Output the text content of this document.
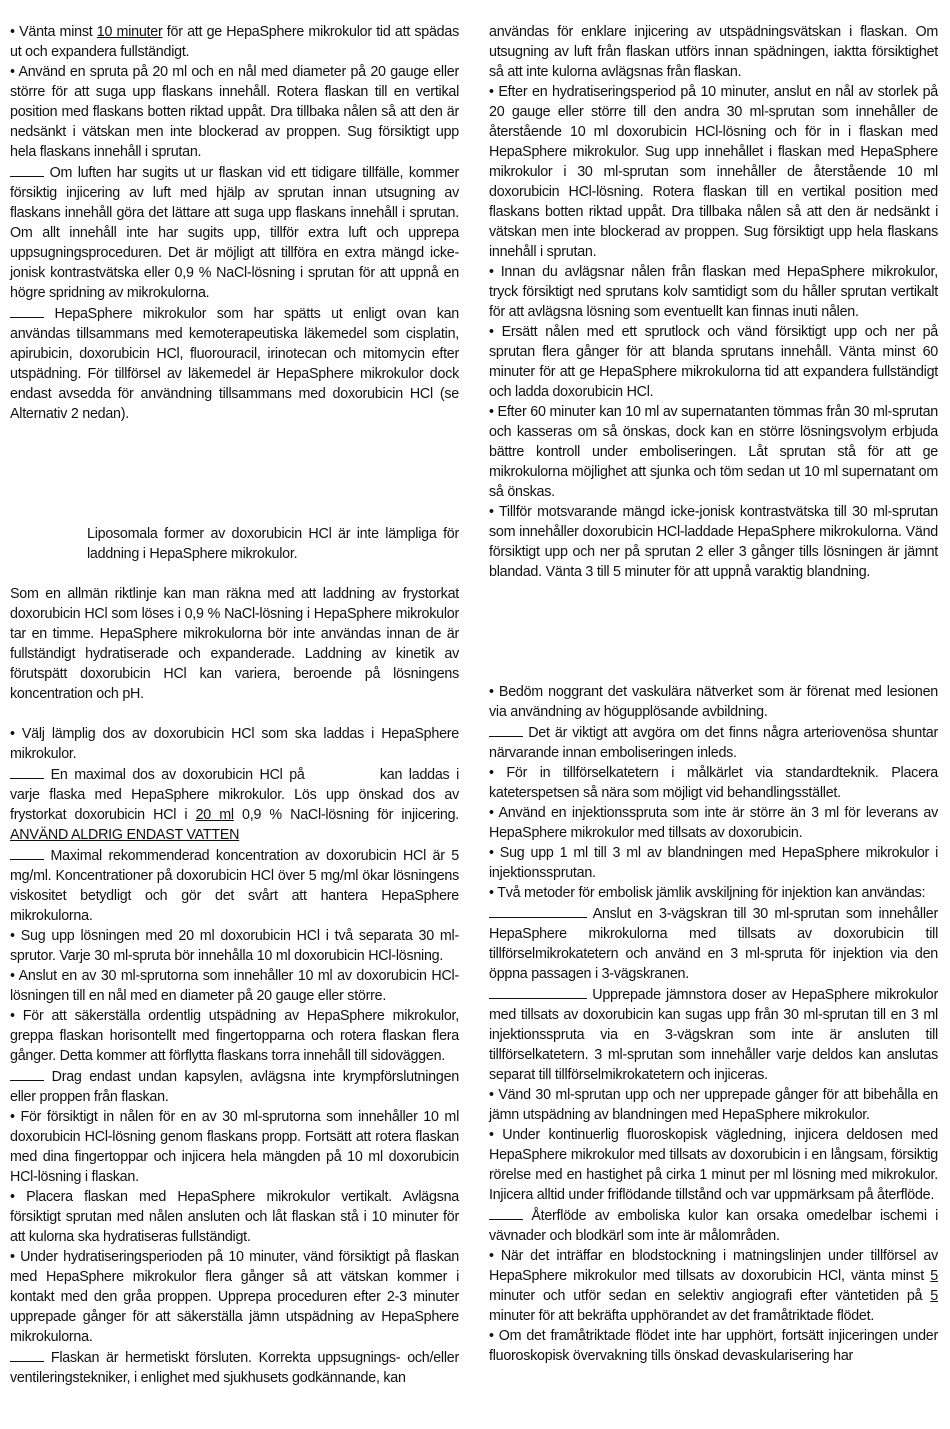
• Vänta minst 10 minuter för att ge HepaSphere mikrokulor tid att spädas ut och expandera fullständigt.

• Använd en spruta på 20 ml och en nål med diameter på 20 gauge eller större för att suga upp flaskans innehåll. Rotera flaskan till en vertikal position med flaskans botten riktad uppåt. Dra tillbaka nålen så att den är nedsänkt i vätskan men inte blockerad av proppen. Sug försiktigt upp hela flaskans innehåll i sprutan.

Om luften har sugits ut ur flaskan vid ett tidigare tillfälle, kommer försiktig injicering av luft med hjälp av sprutan innan utsugning av flaskans innehåll göra det lättare att suga upp flaskans innehåll i sprutan. Om allt innehåll inte har sugits upp, tillför extra luft och upprepa uppsugningsproceduren. Det är möjligt att tillföra en extra mängd icke-jonisk kontrastvätska eller 0,9 % NaCl-lösning i sprutan för att uppnå en högre spridning av mikrokulorna.

HepaSphere mikrokulor som har spätts ut enligt ovan kan användas tillsammans med kemoterapeutiska läkemedel som cisplatin, apirubicin, doxorubicin HCl, fluorouracil, irinotecan och mitomycin efter utspädning. För tillförsel av läkemedel är HepaSphere mikrokulor dock endast avsedda för användning tillsammans med doxorubicin HCl (se Alternativ 2 nedan).

Liposomala former av doxorubicin HCl är inte lämpliga för laddning i HepaSphere mikrokulor.

Som en allmän riktlinje kan man räkna med att laddning av frystorkat doxorubicin HCl som löses i 0,9 % NaCl-lösning i HepaSphere mikrokulor tar en timme. HepaSphere mikrokulorna bör inte användas innan de är fullständigt hydratiserade och expanderade. Laddning av kinetik av förutspätt doxorubicin HCl kan variera, beroende på lösningens koncentration och pH.

• Välj lämplig dos av doxorubicin HCl som ska laddas i HepaSphere mikrokulor.

En maximal dos av doxorubicin HCl på	kan laddas i varje flaska med HepaSphere mikrokulor. Lös upp önskad dos av frystorkat doxorubicin HCl i 20 ml 0,9 % NaCl-lösning för injicering. ANVÄND ALDRIG ENDAST VATTEN

Maximal rekommenderad koncentration av doxorubicin HCl är 5 mg/ml. Koncentrationer på doxorubicin HCl över 5 mg/ml ökar lösningens viskositet betydligt och gör det svårt att hantera HepaSphere mikrokulorna.

• Sug upp lösningen med 20 ml doxorubicin HCl i två separata 30 ml-sprutor. Varje 30 ml-spruta bör innehålla 10 ml doxorubicin HCl-lösning.

• Anslut en av 30 ml-sprutorna som innehåller 10 ml av doxorubicin HCl-lösningen till en nål med en diameter på 20 gauge eller större.

• För att säkerställa ordentlig utspädning av HepaSphere mikrokulor, greppa flaskan horisontellt med fingertopparna och rotera flaskan flera gånger. Detta kommer att förflytta flaskans torra innehåll till sidoväggen.

Drag endast undan kapsylen, avlägsna inte krympförslutningen eller proppen från flaskan.

• För försiktigt in nålen för en av 30 ml-sprutorna som innehåller 10 ml doxorubicin HCl-lösning genom flaskans propp. Fortsätt att rotera flaskan med dina fingertoppar och injicera hela mängden på 10 ml doxorubicin HCl-lösning i flaskan.

• Placera flaskan med HepaSphere mikrokulor vertikalt. Avlägsna försiktigt sprutan med nålen ansluten och låt flaskan stå i 10 minuter för att kulorna ska hydratiseras fullständigt.

• Under hydratiseringsperioden på 10 minuter, vänd försiktigt på flaskan med HepaSphere mikrokulor flera gånger så att vätskan kommer i kontakt med den gråa proppen. Upprepa proceduren efter 2-3 minuter upprepade gånger för att säkerställa jämn utspädning av HepaSphere mikrokulorna.

Flaskan är hermetiskt försluten. Korrekta uppsugnings- och/eller ventileringstekniker, i enlighet med sjukhusets godkännande, kan

användas för enklare injicering av utspädningsvätskan i flaskan. Om utsugning av luft från flaskan utförs innan spädningen, iaktta försiktighet så att inte kulorna avlägsnas från flaskan.

• Efter en hydratiseringsperiod på 10 minuter, anslut en nål av storlek på 20 gauge eller större till den andra 30 ml-sprutan som innehåller de återstående 10 ml doxorubicin HCl-lösning och för in i flaskan med HepaSphere mikrokulor. Sug upp innehållet i flaskan med HepaSphere mikrokulor i 30 ml-sprutan som innehåller de återstående 10 ml doxorubicin HCl-lösning. Rotera flaskan till en vertikal position med flaskans botten riktad uppåt. Dra tillbaka nålen så att den är nedsänkt i vätskan men inte blockerad av proppen. Sug försiktigt upp hela flaskans innehåll i sprutan.

• Innan du avlägsnar nålen från flaskan med HepaSphere mikrokulor, tryck försiktigt ned sprutans kolv samtidigt som du håller sprutan vertikalt för att avlägsna lösning som eventuellt kan finnas inuti nålen.

• Ersätt nålen med ett sprutlock och vänd försiktigt upp och ner på sprutan flera gånger för att blanda sprutans innehåll. Vänta minst 60 minuter för att ge HepaSphere mikrokulorna tid att expandera fullständigt och ladda doxorubicin HCl.

• Efter 60 minuter kan 10 ml av supernatanten tömmas från 30 ml-sprutan och kasseras om så önskas, dock kan en större lösningsvolym erbjuda bättre kontroll under emboliseringen. Låt sprutan stå för att ge mikrokulorna möjlighet att sjunka och töm sedan ut 10 ml supernatant om så önskas.

• Tillför motsvarande mängd icke-jonisk kontrastvätska till 30 ml-sprutan som innehåller doxorubicin HCl-laddade HepaSphere mikrokulorna. Vänd försiktigt upp och ner på sprutan 2 eller 3 gånger tills lösningen är jämnt blandad. Vänta 3 till 5 minuter för att uppnå varaktig blandning.

• Bedöm noggrant det vaskulära nätverket som är förenat med lesionen via användning av högupplösande avbildning.

Det är viktigt att avgöra om det finns några arteriovenösa shuntar närvarande innan emboliseringen inleds.

• För in tillförselkatetern i målkärlet via standardteknik. Placera kateterspetsen så nära som möjligt vid behandlingsstället.

• Använd en injektionsspruta som inte är större än 3 ml för leverans av HepaSphere mikrokulor med tillsats av doxorubicin.

• Sug upp 1 ml till 3 ml av blandningen med HepaSphere mikrokulor i injektionssprutan.

• Två metoder för embolisk jämlik avskiljning för injektion kan användas:

Anslut en 3-vägskran till 30 ml-sprutan som innehåller HepaSphere mikrokulorna med tillsats av doxorubicin till tillförselmikrokatetern och använd en 3 ml-spruta för injektion via den öppna passagen i 3-vägskranen.

Upprepade jämnstora doser av HepaSphere mikrokulor med tillsats av doxorubicin kan sugas upp från 30 ml-sprutan till en 3 ml injektionsspruta via en 3-vägskran som inte är ansluten till tillförselkatetern. 3 ml-sprutan som innehåller varje deldos kan anslutas separat till tillförselmikrokatetern och injiceras.

• Vänd 30 ml-sprutan upp och ner upprepade gånger för att bibehålla en jämn utspädning av blandningen med HepaSphere mikrokulor.

• Under kontinuerlig fluoroskopisk vägledning, injicera deldosen med HepaSphere mikrokulor med tillsats av doxorubicin i en långsam, försiktig rörelse med en hastighet på cirka 1 minut per ml lösning med mikrokulor. Injicera alltid under friflödande tillstånd och var uppmärksam på återflöde.

Återflöde av emboliska kulor kan orsaka omedelbar ischemi i vävnader och blodkärl som inte är målområden.

• När det inträffar en blodstockning i matningslinjen under tillförsel av HepaSphere mikrokulor med tillsats av doxorubicin HCl, vänta minst 5 minuter och utför sedan en selektiv angiografi efter väntetiden på 5 minuter för att bekräfta upphörandet av det framåtriktade flödet.

• Om det framåtriktade flödet inte har upphört, fortsätt injiceringen under fluoroskopisk övervakning tills önskad devaskularisering har
